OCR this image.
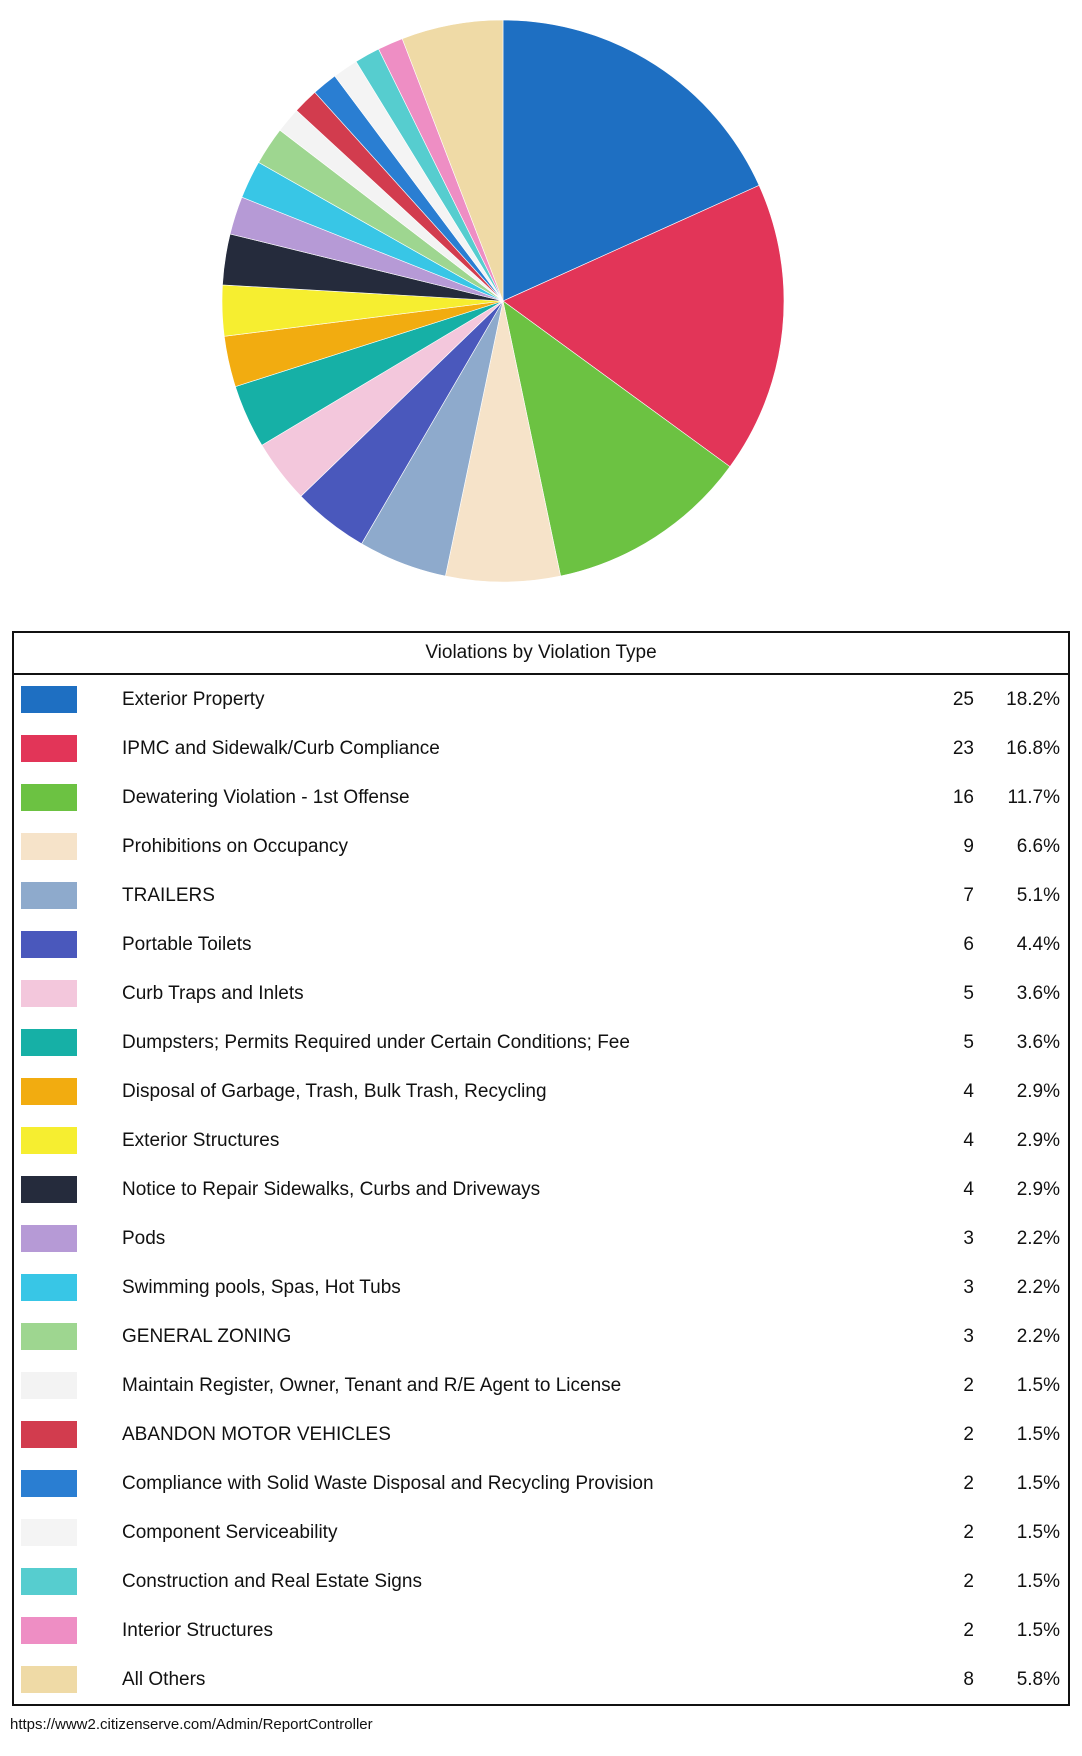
Violations by Violation Type
Exterior Property	25	18.2%
IPMC and Sidewalk/Curb Compliance	23	16.8%
Dewatering Violation - 1st Offense	16	11.7%
Prohibitions on Occupancy	9	6.6%
TRAILERS	7	5.1%
Portable Toilets	6	4.4%
Curb Traps and Inlets	5	3.6%
Dumpsters; Permits Required under Certain Conditions; Fee	5	3.6%
Disposal of Garbage, Trash, Bulk Trash, Recycling	4	2.9%
Exterior Structures	4	2.9%
Notice to Repair Sidewalks, Curbs and Driveways	4	2.9%
Pods	3	2.2%
Swimming pools, Spas, Hot Tubs	3	2.2%
GENERAL ZONING	3	2.2%
Maintain Register, Owner, Tenant and R/E Agent to License	2	1.5%
ABANDON MOTOR VEHICLES	2	1.5%
Compliance with Solid Waste Disposal and Recycling Provision	2	1.5%
Component Serviceability	2	1.5%
Construction and Real Estate Signs	2	1.5%
Interior Structures	2	1.5%
All Others	8	5.8%
https://www2.citizenserve.com/Admin/ReportController
